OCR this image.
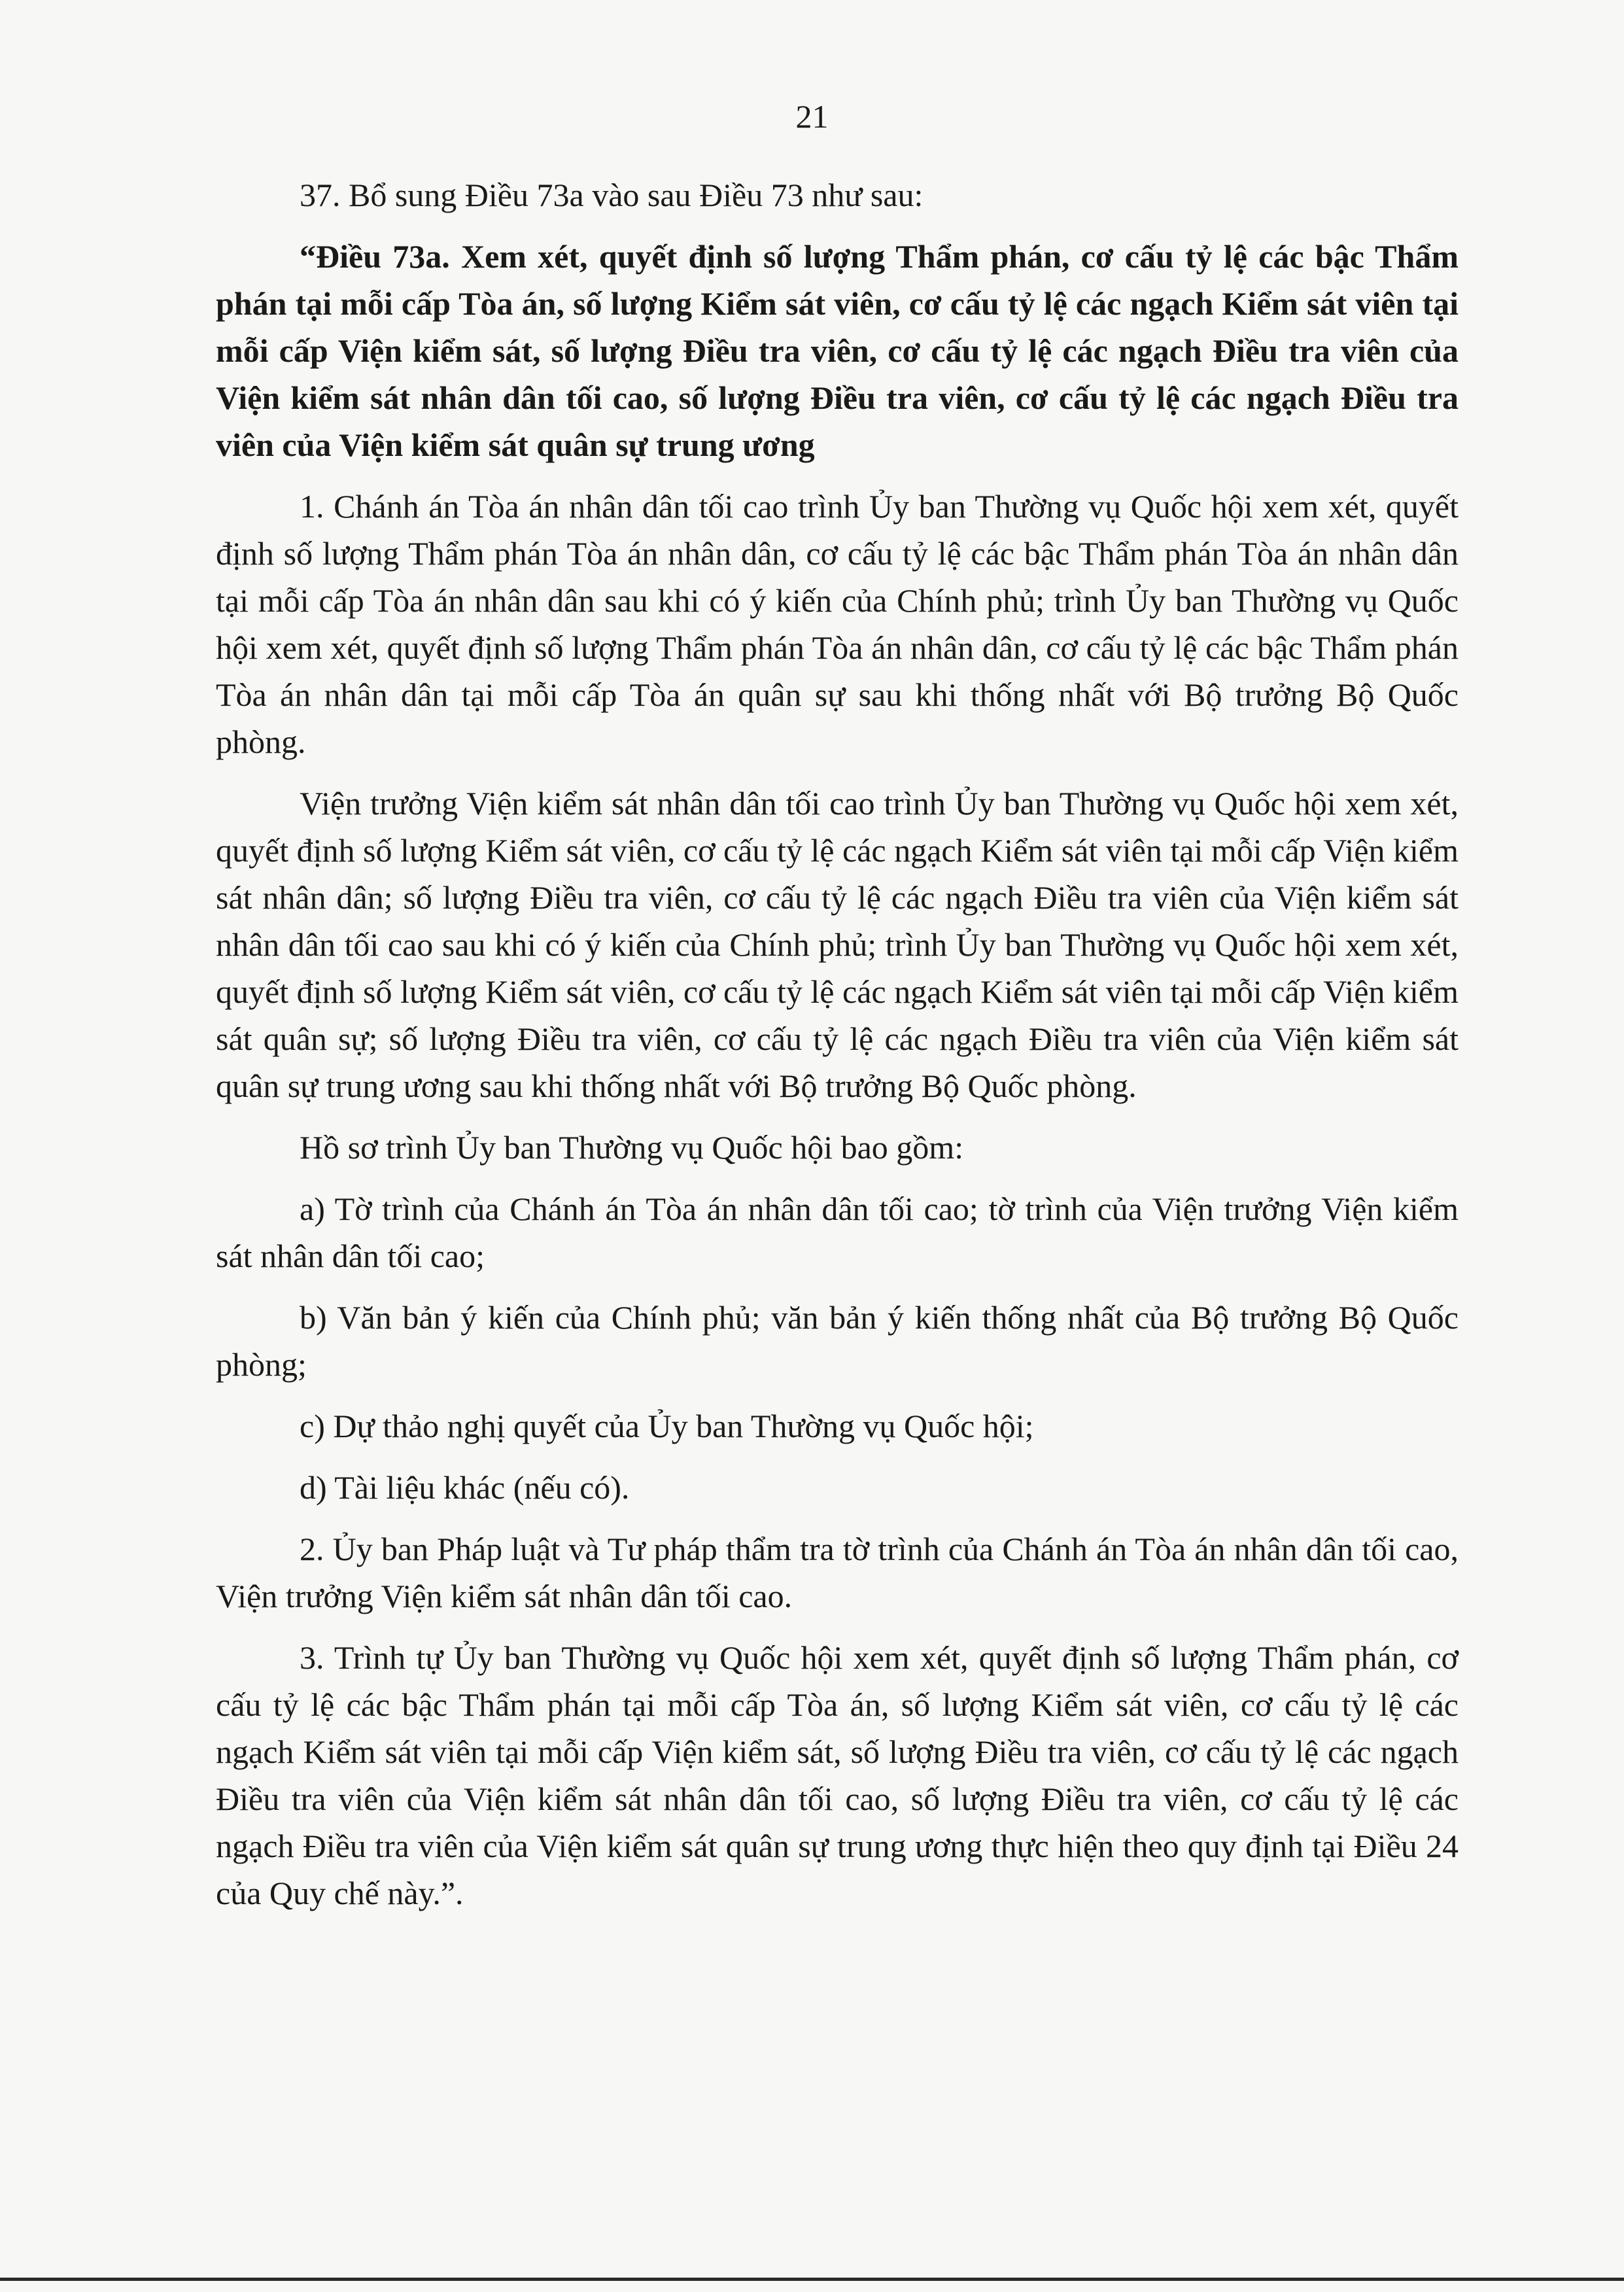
21

37. Bổ sung Điều 73a vào sau Điều 73 như sau:

“Điều 73a. Xem xét, quyết định số lượng Thẩm phán, cơ cấu tỷ lệ các bậc Thẩm phán tại mỗi cấp Tòa án, số lượng Kiểm sát viên, cơ cấu tỷ lệ các ngạch Kiểm sát viên tại mỗi cấp Viện kiểm sát, số lượng Điều tra viên, cơ cấu tỷ lệ các ngạch Điều tra viên của Viện kiểm sát nhân dân tối cao, số lượng Điều tra viên, cơ cấu tỷ lệ các ngạch Điều tra viên của Viện kiểm sát quân sự trung ương

1. Chánh án Tòa án nhân dân tối cao trình Ủy ban Thường vụ Quốc hội xem xét, quyết định số lượng Thẩm phán Tòa án nhân dân, cơ cấu tỷ lệ các bậc Thẩm phán Tòa án nhân dân tại mỗi cấp Tòa án nhân dân sau khi có ý kiến của Chính phủ; trình Ủy ban Thường vụ Quốc hội xem xét, quyết định số lượng Thẩm phán Tòa án nhân dân, cơ cấu tỷ lệ các bậc Thẩm phán Tòa án nhân dân tại mỗi cấp Tòa án quân sự sau khi thống nhất với Bộ trưởng Bộ Quốc phòng.

Viện trưởng Viện kiểm sát nhân dân tối cao trình Ủy ban Thường vụ Quốc hội xem xét, quyết định số lượng Kiểm sát viên, cơ cấu tỷ lệ các ngạch Kiểm sát viên tại mỗi cấp Viện kiểm sát nhân dân; số lượng Điều tra viên, cơ cấu tỷ lệ các ngạch Điều tra viên của Viện kiểm sát nhân dân tối cao sau khi có ý kiến của Chính phủ; trình Ủy ban Thường vụ Quốc hội xem xét, quyết định số lượng Kiểm sát viên, cơ cấu tỷ lệ các ngạch Kiểm sát viên tại mỗi cấp Viện kiểm sát quân sự; số lượng Điều tra viên, cơ cấu tỷ lệ các ngạch Điều tra viên của Viện kiểm sát quân sự trung ương sau khi thống nhất với Bộ trưởng Bộ Quốc phòng.

Hồ sơ trình Ủy ban Thường vụ Quốc hội bao gồm:

a) Tờ trình của Chánh án Tòa án nhân dân tối cao; tờ trình của Viện trưởng Viện kiểm sát nhân dân tối cao;

b) Văn bản ý kiến của Chính phủ; văn bản ý kiến thống nhất của Bộ trưởng Bộ Quốc phòng;

c) Dự thảo nghị quyết của Ủy ban Thường vụ Quốc hội;

d) Tài liệu khác (nếu có).

2. Ủy ban Pháp luật và Tư pháp thẩm tra tờ trình của Chánh án Tòa án nhân dân tối cao, Viện trưởng Viện kiểm sát nhân dân tối cao.

3. Trình tự Ủy ban Thường vụ Quốc hội xem xét, quyết định số lượng Thẩm phán, cơ cấu tỷ lệ các bậc Thẩm phán tại mỗi cấp Tòa án, số lượng Kiểm sát viên, cơ cấu tỷ lệ các ngạch Kiểm sát viên tại mỗi cấp Viện kiểm sát, số lượng Điều tra viên, cơ cấu tỷ lệ các ngạch Điều tra viên của Viện kiểm sát nhân dân tối cao, số lượng Điều tra viên, cơ cấu tỷ lệ các ngạch Điều tra viên của Viện kiểm sát quân sự trung ương thực hiện theo quy định tại Điều 24 của Quy chế này.”.
